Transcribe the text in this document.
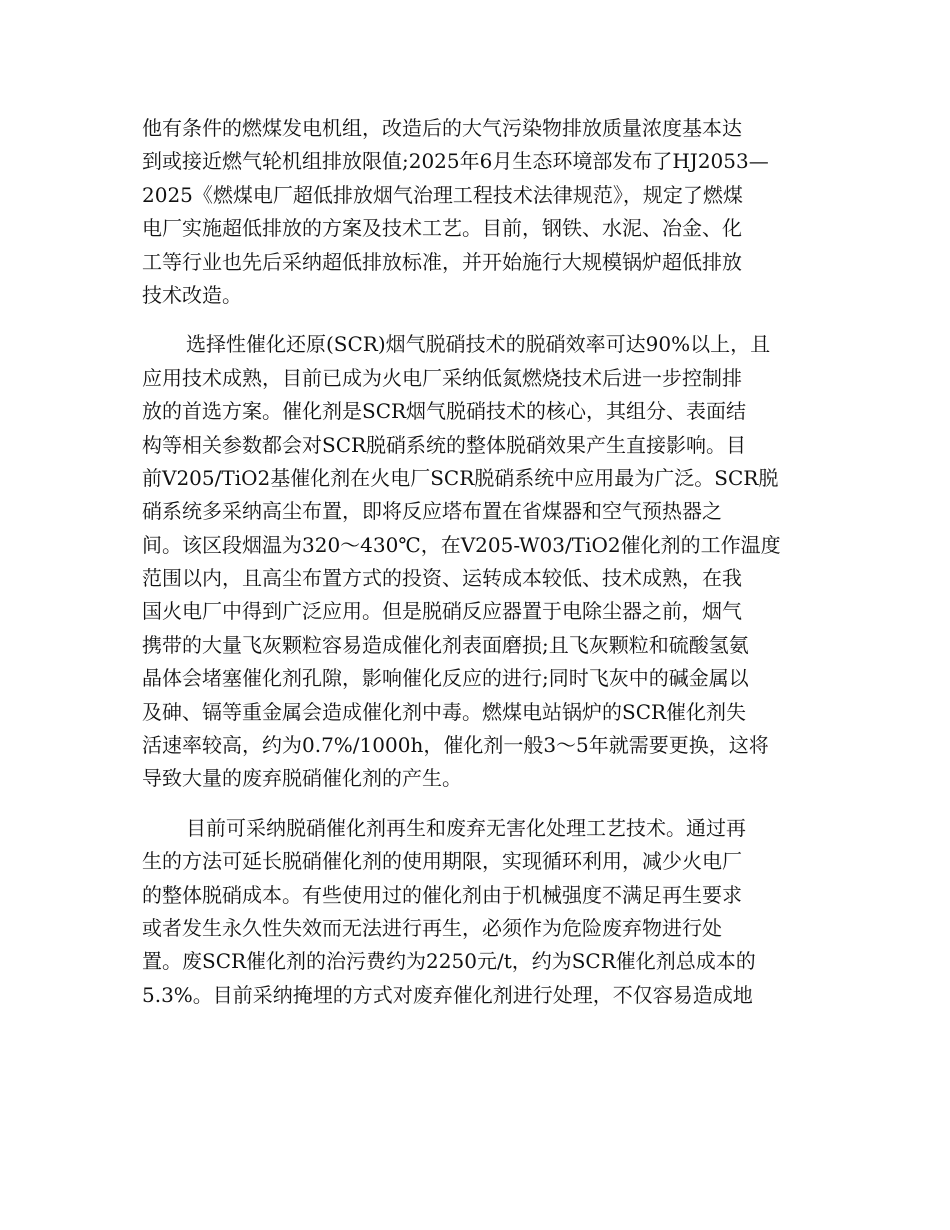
他有条件的燃煤发电机组，改造后的大气污染物排放质量浓度基本达
到或接近燃气轮机组排放限值;2025年6月生态环境部发布了HJ2053—
2025《燃煤电厂超低排放烟气治理工程技术法律规范》，规定了燃煤
电厂实施超低排放的方案及技术工艺。目前，钢铁、水泥、冶金、化
工等行业也先后采纳超低排放标准，并开始施行大规模锅炉超低排放
技术改造。
选择性催化还原(SCR)烟气脱硝技术的脱硝效率可达90%以上，且
应用技术成熟，目前已成为火电厂采纳低氮燃烧技术后进一步控制排
放的首选方案。催化剂是SCR烟气脱硝技术的核心，其组分、表面结
构等相关参数都会对SCR脱硝系统的整体脱硝效果产生直接影响。目
前V205/TiO2基催化剂在火电厂SCR脱硝系统中应用最为广泛。SCR脱
硝系统多采纳高尘布置，即将反应塔布置在省煤器和空气预热器之
间。该区段烟温为320～430℃，在V205-W03/TiO2催化剂的工作温度
范围以内，且高尘布置方式的投资、运转成本较低、技术成熟，在我
国火电厂中得到广泛应用。但是脱硝反应器置于电除尘器之前，烟气
携带的大量飞灰颗粒容易造成催化剂表面磨损;且飞灰颗粒和硫酸氢氨
晶体会堵塞催化剂孔隙，影响催化反应的进行;同时飞灰中的碱金属以
及砷、镉等重金属会造成催化剂中毒。燃煤电站锅炉的SCR催化剂失
活速率较高，约为0.7%/1000h，催化剂一般3～5年就需要更换，这将
导致大量的废弃脱硝催化剂的产生。
目前可采纳脱硝催化剂再生和废弃无害化处理工艺技术。通过再
生的方法可延长脱硝催化剂的使用期限，实现循环利用，减少火电厂
的整体脱硝成本。有些使用过的催化剂由于机械强度不满足再生要求
或者发生永久性失效而无法进行再生，必须作为危险废弃物进行处
置。废SCR催化剂的治污费约为2250元/t，约为SCR催化剂总成本的
5.3%。目前采纳掩埋的方式对废弃催化剂进行处理，不仅容易造成地
